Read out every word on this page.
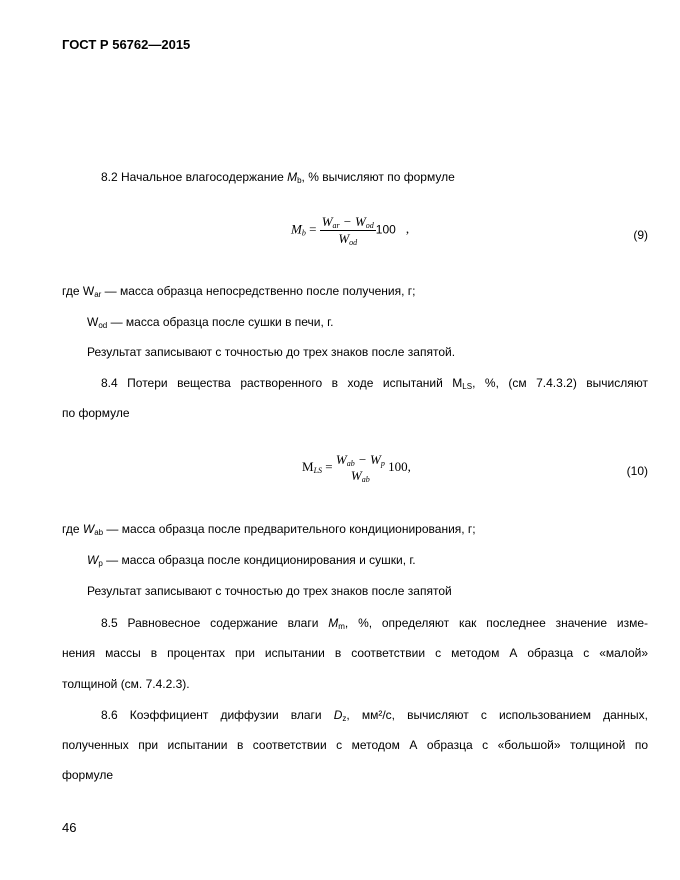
ГОСТ Р 56762—2015
8.2 Начальное влагосодержание $M_b$, % вычисляют по формуле
$M_b = \frac{W_{ar} - W_{od}}{W_{od}} 100$ ,	(9)
где $W_{ar}$ — масса образца непосредственно после получения, г;
$W_{od}$ — масса образца после сушки в печи, г.
Результат записывают с точностью до трех знаков после запятой.
8.4 Потери вещества растворенного в ходе испытаний $M_{LS}$, %, (см 7.4.3.2) вычисляют
по формуле
$M_{LS} = W_{ab} - W_p$
$W_{ab}$
100,	(10)
где $W_{ab}$ — масса образца после предварительного кондиционирования, г;
$W_p$ — масса образца после кондиционирования и сушки, г.
Результат записывают с точностью до трех знаков после запятой
8.5 Равновесное содержание влаги $M_m$, %, определяют как последнее значение изме-
нения массы в процентах при испытании в соответствии с методом А образца с «малой»
толщиной (см. 7.4.2.3).
8.6 Коэффициент диффузии влаги $D_z$, мм²/с, вычисляют с использованием данных,
полученных при испытании в соответствии с методом А образца с «большой» толщиной по
формуле
46
